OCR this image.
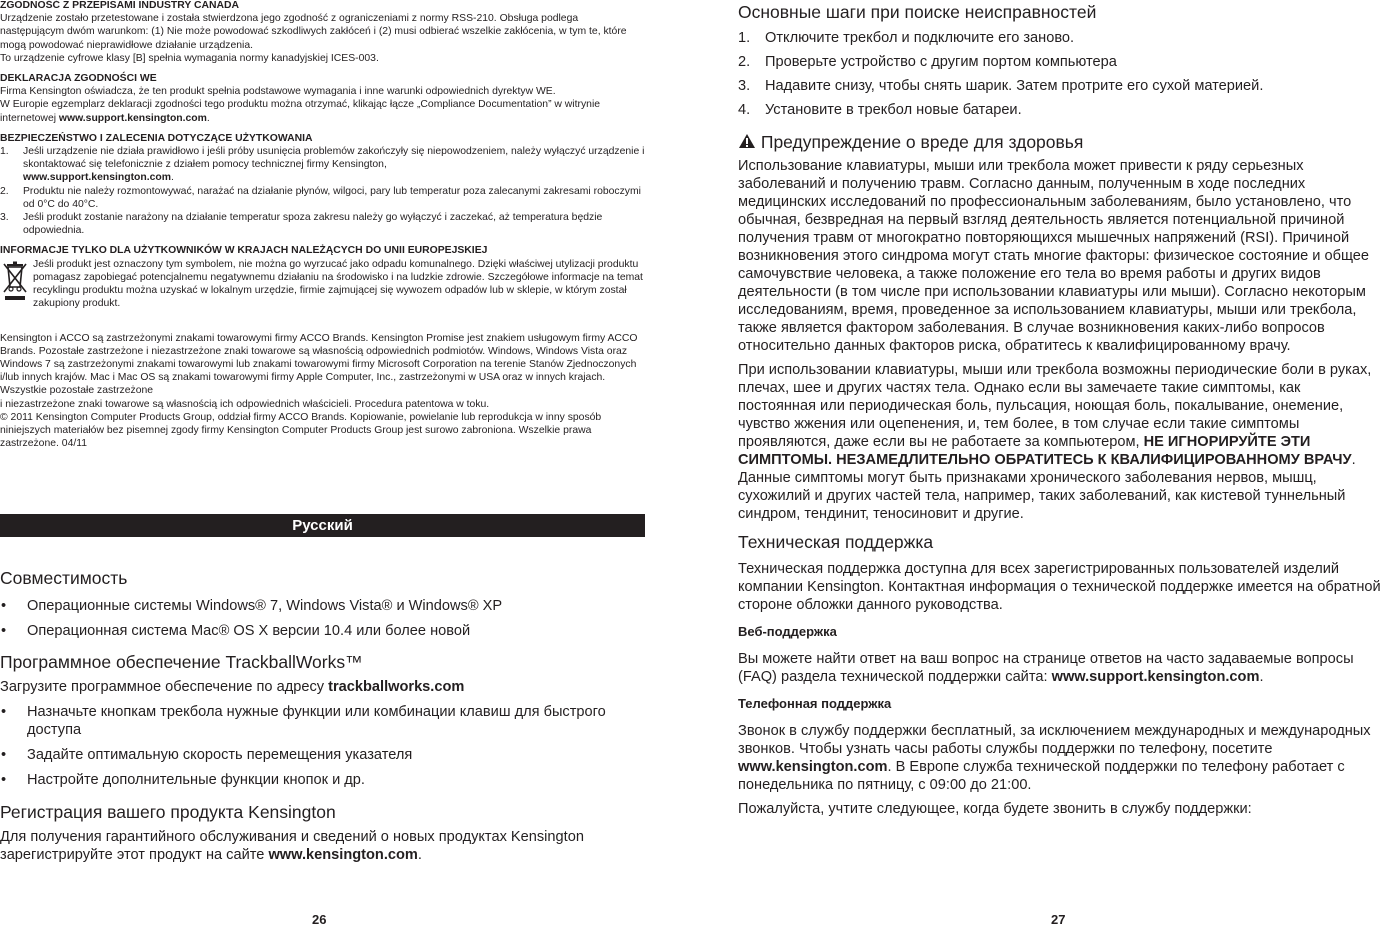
ZGODNOŚĆ Z PRZEPISAMI INDUSTRY CANADA

Urządzenie zostało przetestowane i została stwierdzona jego zgodność z ograniczeniami z normy RSS-210. Obsługa podlega następującym dwóm warunkom: (1) Nie może powodować szkodliwych zakłóceń i (2) musi odbierać wszelkie zakłócenia, w tym te, które mogą powodować nieprawidłowe działanie urządzenia.

To urządzenie cyfrowe klasy [B] spełnia wymagania normy kanadyjskiej ICES-003.

DEKLARACJA ZGODNOŚCI WE

Firma Kensington oświadcza, że ten produkt spełnia podstawowe wymagania i inne warunki odpowiednich dyrektyw WE.

W Europie egzemplarz deklaracji zgodności tego produktu można otrzymać, klikając łącze „Compliance Documentation” w witrynie internetowej www.support.kensington.com.

BEZPIECZEŃSTWO I ZALECENIA DOTYCZĄCE UŻYTKOWANIA
1. Jeśli urządzenie nie działa prawidłowo i jeśli próby usunięcia problemów zakończyły się niepowodzeniem, należy wyłączyć urządzenie i skontaktować się telefonicznie z działem pomocy technicznej firmy Kensington,
www.support.kensington.com.
2. Produktu nie należy rozmontowywać, narażać na działanie płynów, wilgoci, pary lub temperatur poza zalecanymi zakresami roboczymi od 0°C do 40°C.
3. Jeśli produkt zostanie narażony na działanie temperatur spoza zakresu należy go wyłączyć i zaczekać, aż temperatura będzie odpowiednia.
INFORMACJE TYLKO DLA UŻYTKOWNIKÓW W KRAJACH NALEŻĄCYCH DO UNII EUROPEJSKIEJ

Jeśli produkt jest oznaczony tym symbolem, nie można go wyrzucać jako odpadu komunalnego. Dzięki właściwej utylizacji produktu pomagasz zapobiegać potencjalnemu negatywnemu działaniu na środowisko i na ludzkie zdrowie. Szczegółowe informacje na temat recyklingu produktu można uzyskać w lokalnym urzędzie, firmie zajmującej się wywozem odpadów lub w sklepie, w którym został zakupiony produkt.

Kensington i ACCO są zastrzeżonymi znakami towarowymi firmy ACCO Brands. Kensington Promise jest znakiem usługowym firmy ACCO Brands. Pozostałe zastrzeżone i niezastrzeżone znaki towarowe są własnością odpowiednich podmiotów. Windows, Windows Vista oraz Windows 7 są zastrzeżonymi znakami towarowymi lub znakami towarowymi firmy Microsoft Corporation na terenie Stanów Zjednoczonych i/lub innych krajów. Mac i Mac OS są znakami towarowymi firmy Apple Computer, Inc., zastrzeżonymi w USA oraz w innych krajach. Wszystkie pozostałe zastrzeżone

i niezastrzeżone znaki towarowe są własnością ich odpowiednich właścicieli. Procedura patentowa w toku.

© 2011 Kensington Computer Products Group, oddział firmy ACCO Brands. Kopiowanie, powielanie lub reprodukcja w inny sposób niniejszych materiałów bez pisemnej zgody firmy Kensington Computer Products Group jest surowo zabroniona. Wszelkie prawa zastrzeżone. 04/11

Русский
Совместимость
• Операционные системы Windows® 7, Windows Vista® и Windows® XP
• Операционная система Mac® OS X версии 10.4 или более новой
Программное обеспечение TrackballWorks™

Загрузите программное обеспечение по адресу trackballworks.com

• Назначьте кнопкам трекбола нужные функции или комбинации клавиш для быстрого доступа
• Задайте оптимальную скорость перемещения указателя
• Настройте дополнительные функции кнопок и др.
Регистрация вашего продукта Kensington

Для получения гарантийного обслуживания и сведений о новых продуктах Kensington зарегистрируйте этот продукт на сайте www.kensington.com.

26
Основные шаги при поиске неисправностей
1. Отключите трекбол и подключите его заново.
2. Проверьте устройство с другим портом компьютера
3. Надавите снизу, чтобы снять шарик. Затем протрите его сухой материей.
4. Установите в трекбол новые батареи.
Предупреждение о вреде для здоровья

Использование клавиатуры, мыши или трекбола может привести к ряду серьезных заболеваний и получению травм. Согласно данным, полученным в ходе последних медицинских исследований по профессиональным заболеваниям, было установлено, что обычная, безвредная на первый взгляд деятельность является потенциальной причиной получения травм от многократно повторяющихся мышечных напряжений (RSI). Причиной возникновения этого синдрома могут стать многие факторы: физическое состояние и общее самочувствие человека, а также положение его тела во время работы и других видов деятельности (в том числе при использовании клавиатуры или мыши). Согласно некоторым исследованиям, время, проведенное за использованием клавиатуры, мыши или трекбола, также является фактором заболевания. В случае возникновения каких-либо вопросов относительно данных факторов риска, обратитесь к квалифицированному врачу.

При использовании клавиатуры, мыши или трекбола возможны периодические боли в руках, плечах, шее и других частях тела. Однако если вы замечаете такие симптомы, как постоянная или периодическая боль, пульсация, ноющая боль, покалывание, онемение, чувство жжения или оцепенения, и, тем более, в том случае если такие симптомы проявляются, даже если вы не работаете за компьютером, НЕ ИГНОРИРУЙТЕ ЭТИ СИМПТОМЫ. НЕЗАМЕДЛИТЕЛЬНО ОБРАТИТЕСЬ К КВАЛИФИЦИРОВАННОМУ ВРАЧУ. Данные симптомы могут быть признаками хронического заболевания нервов, мышц, сухожилий и других частей тела, например, таких заболеваний, как кистевой туннельный синдром, тендинит, теносиновит и другие.

Техническая поддержка

Техническая поддержка доступна для всех зарегистрированных пользователей изделий компании Kensington. Контактная информация о технической поддержке имеется на обратной стороне обложки данного руководства.

Веб-поддержка

Вы можете найти ответ на ваш вопрос на странице ответов на часто задаваемые вопросы (FAQ) раздела технической поддержки сайта: www.support.kensington.com.

Телефонная поддержка

Звонок в службу поддержки бесплатный, за исключением международных и международных звонков. Чтобы узнать часы работы службы поддержки по телефону, посетите www.kensington.com. В Европе служба технической поддержки по телефону работает с понедельника по пятницу, с 09:00 до 21:00.

Пожалуйста, учтите следующее, когда будете звонить в службу поддержки:

27
